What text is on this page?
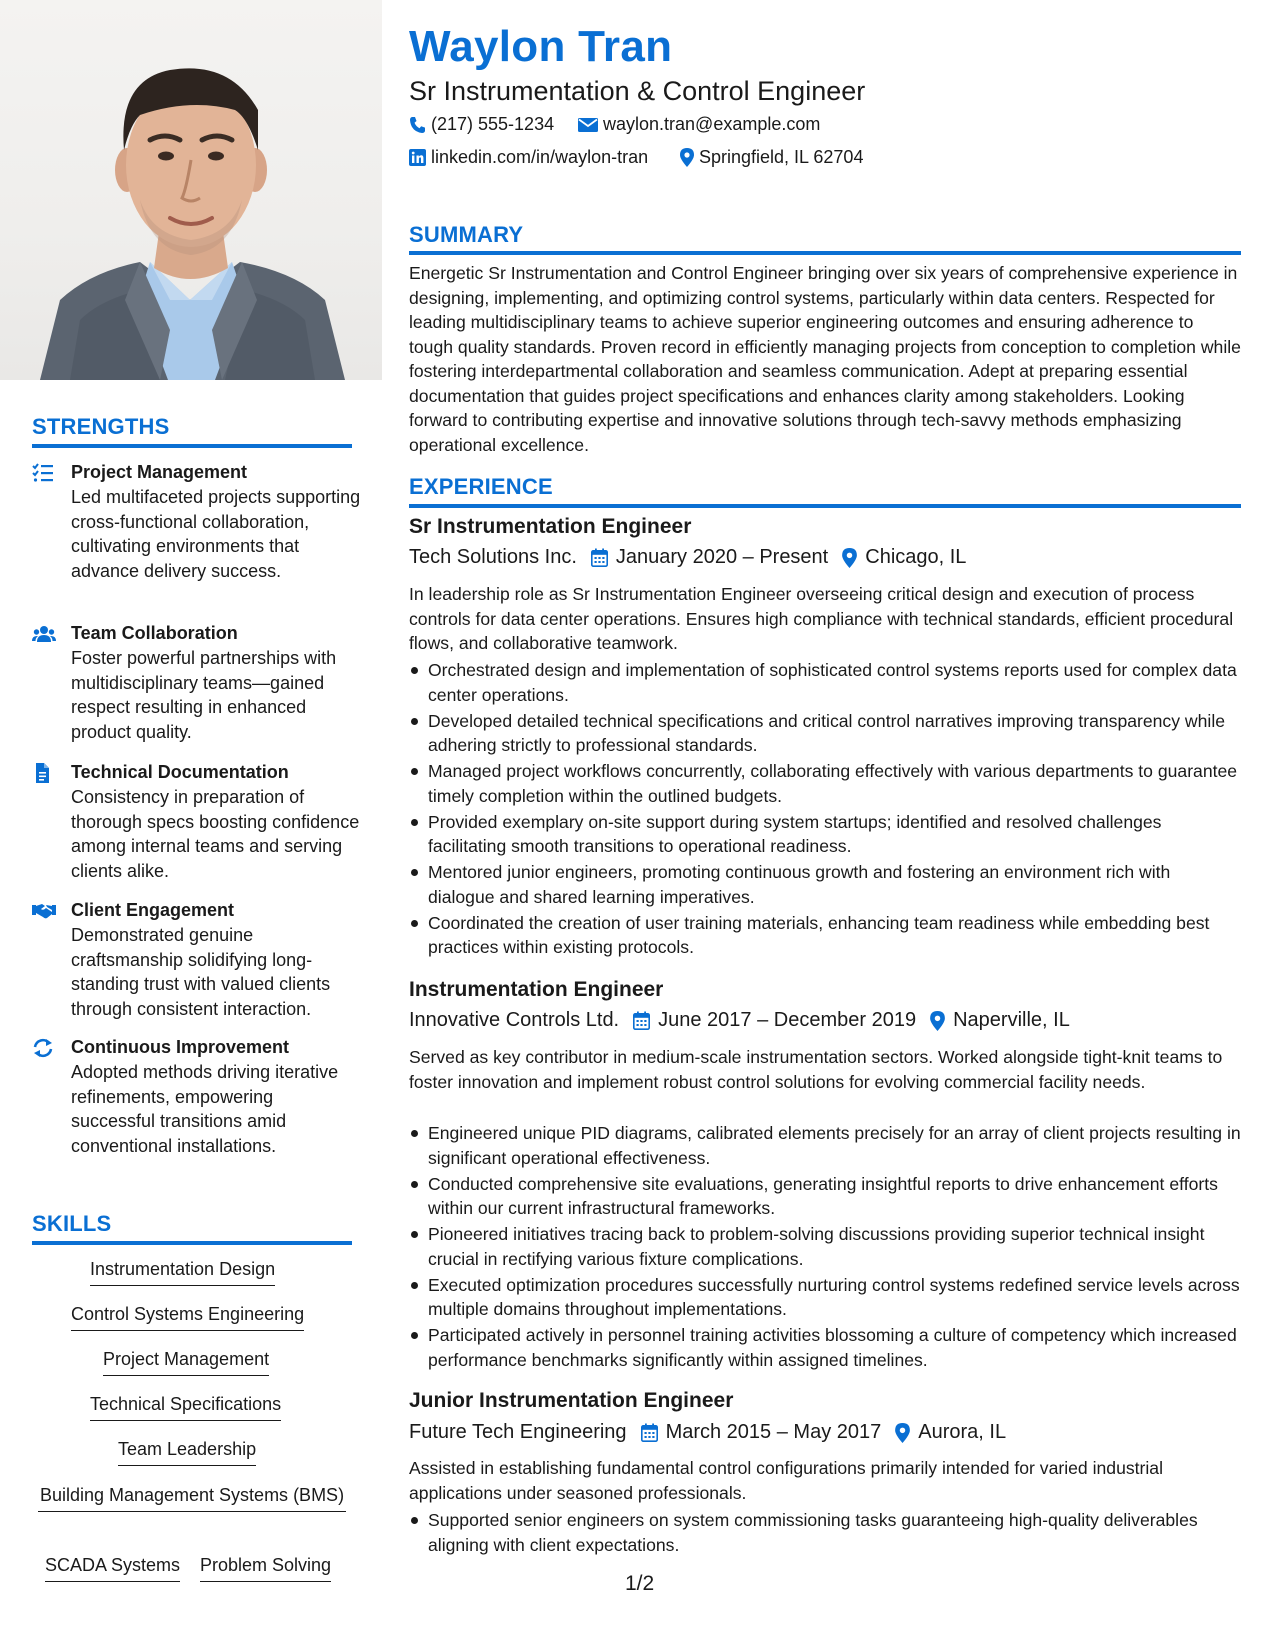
STRENGTHS
Project Management
Led multifaceted projects supporting cross-functional collaboration, cultivating environments that advance delivery success.
Team Collaboration
Foster powerful partnerships with multidisciplinary teams—gained respect resulting in enhanced product quality.
Technical Documentation
Consistency in preparation of thorough specs boosting confidence among internal teams and serving clients alike.
Client Engagement
Demonstrated genuine craftsmanship solidifying long-standing trust with valued clients through consistent interaction.
Continuous Improvement
Adopted methods driving iterative refinements, empowering successful transitions amid conventional installations.
SKILLS
Instrumentation Design
Control Systems Engineering
Project Management
Technical Specifications
Team Leadership
Building Management Systems (BMS)
SCADA Systems Problem Solving
Waylon Tran
Sr Instrumentation & Control Engineer
(217) 555-1234	waylon.tran@example.com
linkedin.com/in/waylon-tran	Springfield, IL 62704
SUMMARY
Energetic Sr Instrumentation and Control Engineer bringing over six years of comprehensive experience in designing, implementing, and optimizing control systems, particularly within data centers. Respected for leading multidisciplinary teams to achieve superior engineering outcomes and ensuring adherence to tough quality standards. Proven record in efficiently managing projects from conception to completion while fostering interdepartmental collaboration and seamless communication. Adept at preparing essential documentation that guides project specifications and enhances clarity among stakeholders. Looking forward to contributing expertise and innovative solutions through tech-savvy methods emphasizing operational excellence.
EXPERIENCE
Sr Instrumentation Engineer
Tech Solutions Inc. January 2020 – Present Chicago, IL
In leadership role as Sr Instrumentation Engineer overseeing critical design and execution of process controls for data center operations. Ensures high compliance with technical standards, efficient procedural flows, and collaborative teamwork.
Orchestrated design and implementation of sophisticated control systems reports used for complex data center operations.
Developed detailed technical specifications and critical control narratives improving transparency while adhering strictly to professional standards.
Managed project workflows concurrently, collaborating effectively with various departments to guarantee timely completion within the outlined budgets.
Provided exemplary on-site support during system startups; identified and resolved challenges facilitating smooth transitions to operational readiness.
Mentored junior engineers, promoting continuous growth and fostering an environment rich with dialogue and shared learning imperatives.
Coordinated the creation of user training materials, enhancing team readiness while embedding best practices within existing protocols.
Instrumentation Engineer
Innovative Controls Ltd. June 2017 – December 2019 Naperville, IL
Served as key contributor in medium-scale instrumentation sectors. Worked alongside tight-knit teams to foster innovation and implement robust control solutions for evolving commercial facility needs.
Engineered unique PID diagrams, calibrated elements precisely for an array of client projects resulting in significant operational effectiveness.
Conducted comprehensive site evaluations, generating insightful reports to drive enhancement efforts within our current infrastructural frameworks.
Pioneered initiatives tracing back to problem-solving discussions providing superior technical insight crucial in rectifying various fixture complications.
Executed optimization procedures successfully nurturing control systems redefined service levels across multiple domains throughout implementations.
Participated actively in personnel training activities blossoming a culture of competency which increased performance benchmarks significantly within assigned timelines.
Junior Instrumentation Engineer
Future Tech Engineering March 2015 – May 2017 Aurora, IL
Assisted in establishing fundamental control configurations primarily intended for varied industrial applications under seasoned professionals.
Supported senior engineers on system commissioning tasks guaranteeing high-quality deliverables aligning with client expectations.
1/2
